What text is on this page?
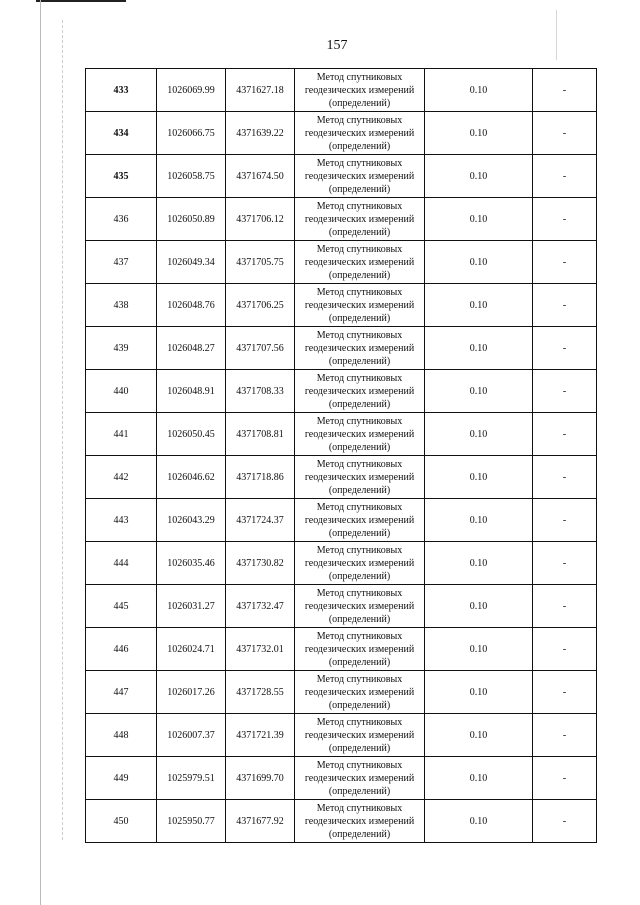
157
433	1026069.99	4371627.18	Метод спутниковых
геодезических измерений
(определений)	0.10	-
434	1026066.75	4371639.22	Метод спутниковых
геодезических измерений
(определений)	0.10	-
435	1026058.75	4371674.50	Метод спутниковых
геодезических измерений
(определений)	0.10	-
436	1026050.89	4371706.12	Метод спутниковых
геодезических измерений
(определений)	0.10	-
437	1026049.34	4371705.75	Метод спутниковых
геодезических измерений
(определений)	0.10	-
438	1026048.76	4371706.25	Метод спутниковых
геодезических измерений
(определений)	0.10	-
439	1026048.27	4371707.56	Метод спутниковых
геодезических измерений
(определений)	0.10	-
440	1026048.91	4371708.33	Метод спутниковых
геодезических измерений
(определений)	0.10	-
441	1026050.45	4371708.81	Метод спутниковых
геодезических измерений
(определений)	0.10	-
442	1026046.62	4371718.86	Метод спутниковых
геодезических измерений
(определений)	0.10	-
443	1026043.29	4371724.37	Метод спутниковых
геодезических измерений
(определений)	0.10	-
444	1026035.46	4371730.82	Метод спутниковых
геодезических измерений
(определений)	0.10	-
445	1026031.27	4371732.47	Метод спутниковых
геодезических измерений
(определений)	0.10	-
446	1026024.71	4371732.01	Метод спутниковых
геодезических измерений
(определений)	0.10	-
447	1026017.26	4371728.55	Метод спутниковых
геодезических измерений
(определений)	0.10	-
448	1026007.37	4371721.39	Метод спутниковых
геодезических измерений
(определений)	0.10	-
449	1025979.51	4371699.70	Метод спутниковых
геодезических измерений
(определений)	0.10	-
450	1025950.77	4371677.92	Метод спутниковых
геодезических измерений
(определений)	0.10	-
